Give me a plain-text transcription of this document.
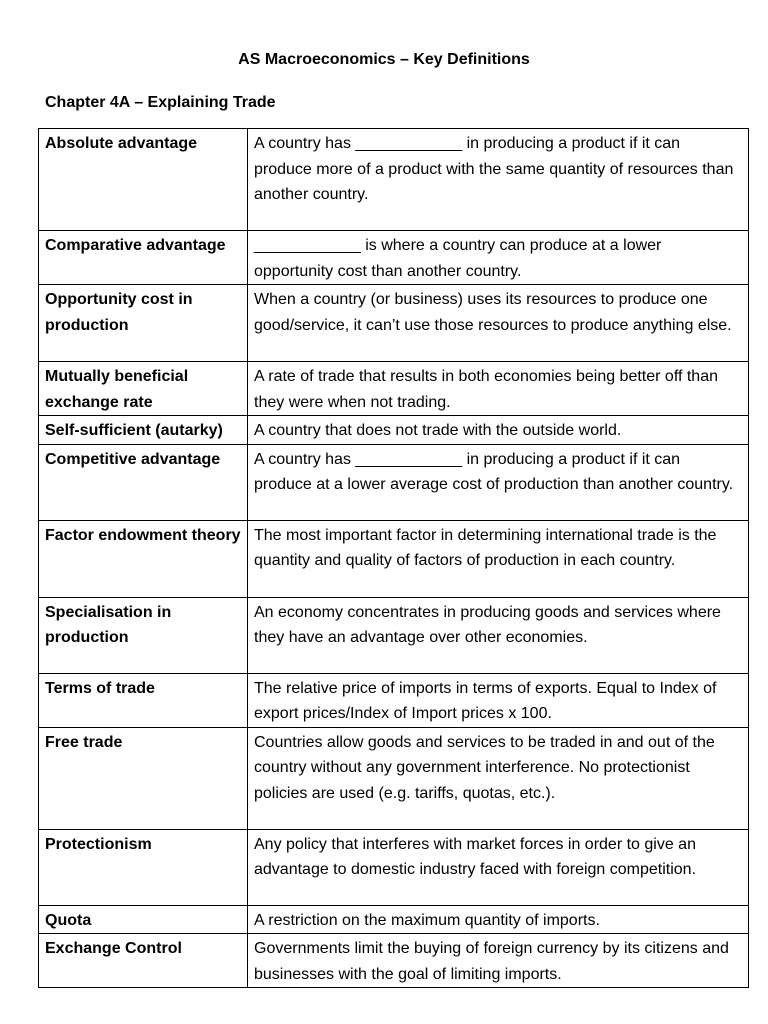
AS Macroeconomics – Key Definitions
Chapter 4A – Explaining Trade
Absolute advantage	A country has ____________ in producing a product if it can produce more of a product with the same quantity of resources than another country.
Comparative advantage	____________ is where a country can produce at a lower opportunity cost than another country.
Opportunity cost in production	When a country (or business) uses its resources to produce one good/service, it can’t use those resources to produce anything else.
Mutually beneficial exchange rate	A rate of trade that results in both economies being better off than they were when not trading.
Self-sufficient (autarky)	A country that does not trade with the outside world.
Competitive advantage	A country has ____________ in producing a product if it can produce at a lower average cost of production than another country.
Factor endowment theory	The most important factor in determining international trade is the quantity and quality of factors of production in each country.
Specialisation in production	An economy concentrates in producing goods and services where they have an advantage over other economies.
Terms of trade	The relative price of imports in terms of exports. Equal to Index of export prices/Index of Import prices x 100.
Free trade	Countries allow goods and services to be traded in and out of the country without any government interference. No protectionist policies are used (e.g. tariffs, quotas, etc.).
Protectionism	Any policy that interferes with market forces in order to give an advantage to domestic industry faced with foreign competition.
Quota	A restriction on the maximum quantity of imports.
Exchange Control	Governments limit the buying of foreign currency by its citizens and businesses with the goal of limiting imports.
